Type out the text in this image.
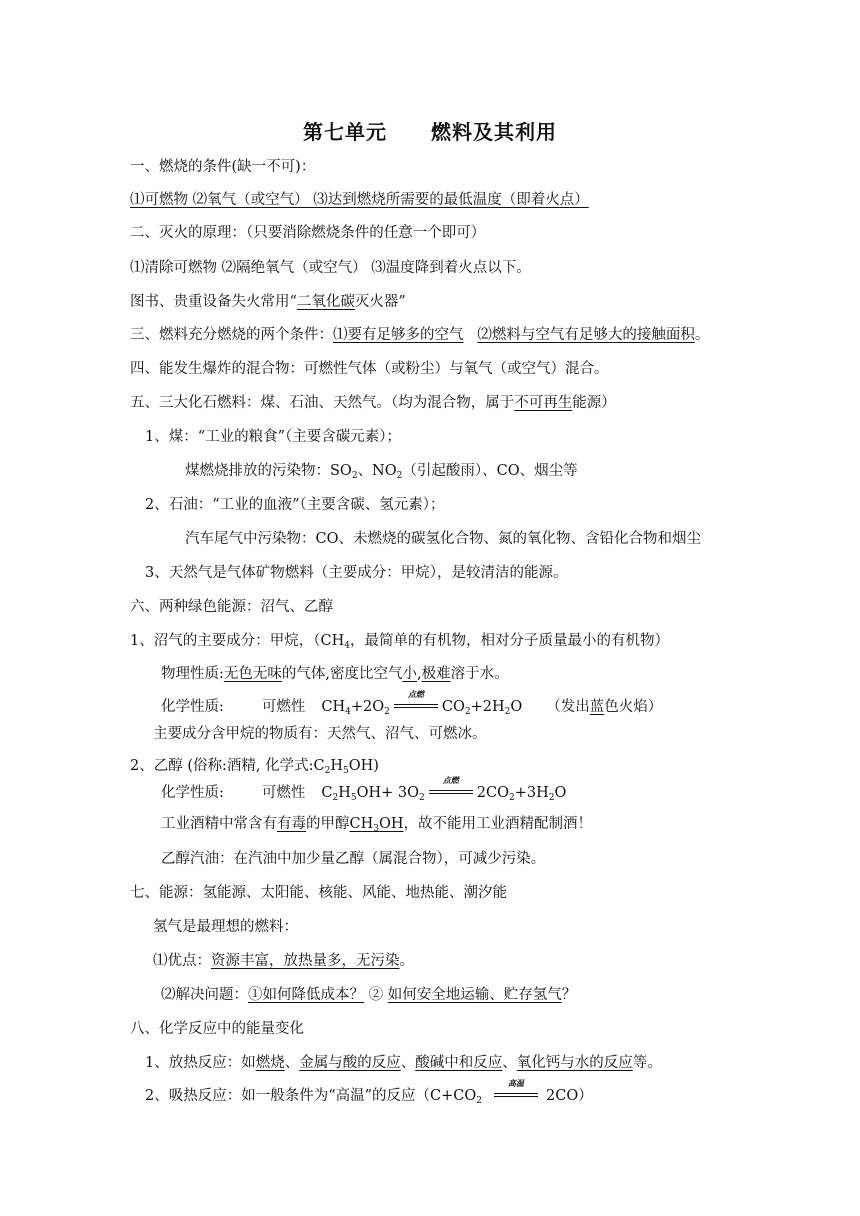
第七单元 燃料及其利用
一、燃烧的条件(缺一不可)：
⑴可燃物 ⑵氧气（或空气） ⑶达到燃烧所需要的最低温度（即着火点）
二、灭火的原理：（只要消除燃烧条件的任意一个即可）
⑴清除可燃物 ⑵隔绝氧气（或空气） ⑶温度降到着火点以下。
图书、贵重设备失火常用“二氧化碳灭火器”
三、燃料充分燃烧的两个条件：⑴要有足够多的空气 ⑵燃料与空气有足够大的接触面积。
四、能发生爆炸的混合物：可燃性气体（或粉尘）与氧气（或空气）混合。
五、三大化石燃料：煤、石油、天然气。（均为混合物，属于不可再生能源）
1、煤：“工业的粮食”（主要含碳元素）；
煤燃烧排放的污染物：$SO_2$、$NO_2$（引起酸雨）、CO、烟尘等
2、石油：“工业的血液”（主要含碳、氢元素）；
汽车尾气中污染物：CO、未燃烧的碳氢化合物、氮的氧化物、含铅化合物和烟尘
3、天然气是气体矿物燃料（主要成分：甲烷），是较清洁的能源。
六、两种绿色能源：沼气、乙醇
1、沼气的主要成分：甲烷，（$CH_4$，最简单的有机物，相对分子质量最小的有机物）
物理性质:无色无味的气体,密度比空气小,极难溶于水。
化学性质:	可燃性 $CH_4+2O_2$
点燃
$CO_2+2H_2O$ （发出蓝色火焰）
主要成分含甲烷的物质有：天然气、沼气、可燃冰。
2、乙醇 (俗称:酒精, 化学式$:C_2H_5OH$)
化学性质:	可燃性 $C_2H_5OH+ 3O_2$
点燃
$2CO_2+3H_2O$
工业酒精中常含有有毒的甲醇$CH_3OH$，故不能用工业酒精配制酒！
乙醇汽油：在汽油中加少量乙醇（属混合物），可减少污染。
七、能源：氢能源、太阳能、核能、风能、地热能、潮汐能
氢气是最理想的燃料：
⑴优点：资源丰富，放热量多，无污染。
⑵解决问题：①如何降低成本？ ② 如何安全地运输、贮存氢气？
八、化学反应中的能量变化
1、放热反应：如燃烧、金属与酸的反应、酸碱中和反应、氧化钙与水的反应等。
2、吸热反应：如一般条件为“高温”的反应（$C+CO_2$
高温
2CO）
